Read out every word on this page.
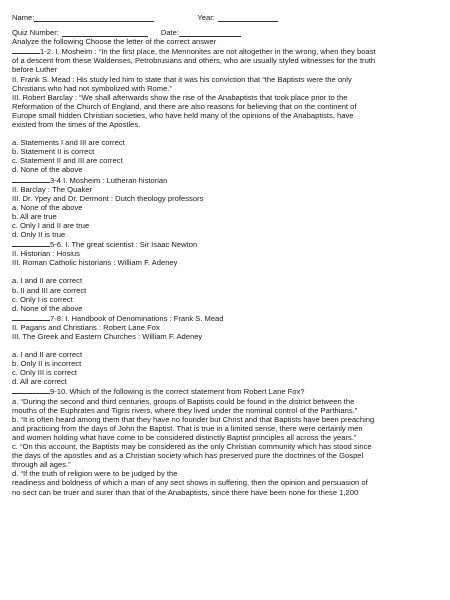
Name:	Year:
Quiz Number:	Date:
Analyze the following Choose the letter of the correct answer
1-2. I. Mosheim : “In the first place, the Mennonites are not altogether in the wrong, when they boast
of a descent from these Waldenses, Petrobrusians and others, who are usually styled witnesses for the truth
before Luther
II. Frank S. Mead : His study led him to state that it was his conviction that “the Baptists were the only
Christians who had not symbolized with Rome.”
III. Robert Barclay : “We shall afterwards show the rise of the Anabaptists that took place prior to the
Reformation of the Church of England, and there are also reasons for believing that on the continent of
Europe small hidden Christian societies, who have held many of the opinions of the Anabaptists, have
existed from the times of the Apostles.
a. Statements I and III are correct
b. Statement II is correct
c. Statement II and III are correct
d. None of the above
3-4 I. Mosheim : Lutheran historian
II. Barclay : The Quaker
III. Dr. Ypey and Dr. Dermont : Dutch theology professors
a. None of the above
b. All are true
c. Only I and II are true
d. Only II is true
5-6. I. The great scientist : Sir Isaac Newton
II. Historian : Hosius
III. Roman Catholic historians : William F. Adeney
a. I and II are correct
b. II and III are correct
c. Only I is correct
d. None of the above
7-8. I. Handbook of Denominations : Frank S. Mead
II. Pagans and Christians : Robert Lane Fox
III. The Greek and Eastern Churches : William F. Adeney
a. I and II are correct
b. Only II is incorrect
c. Only III is correct
d. All are correct
9-10. Which of the following is the correct statement from Robert Lane Fox?
a. “During the second and third centuries, groups of Baptists could be found in the district between the
mouths of the Euphrates and Tigris rivers, where they lived under the nominal control of the Parthians.”
b. “It is often heard among them that they have no founder but Christ and that Baptists have been preaching
and practicing from the days of John the Baptist. That is true in a limited sense, there were certainly men
and women holding what have come to be considered distinctly Baptist principles all across the years.”
c. “On this account, the Baptists may be considered as the only Christian community which has stood since
the days of the apostles and as a Christian society which has preserved pure the doctrines of the Gospel
through all ages.”
d. “If the truth of religion were to be judged by the
readiness and boldness of which a man of any sect shows in suffering, then the opinion and persuasion of
no sect can be truer and surer than that of the Anabaptists, since there have been none for these 1,200
